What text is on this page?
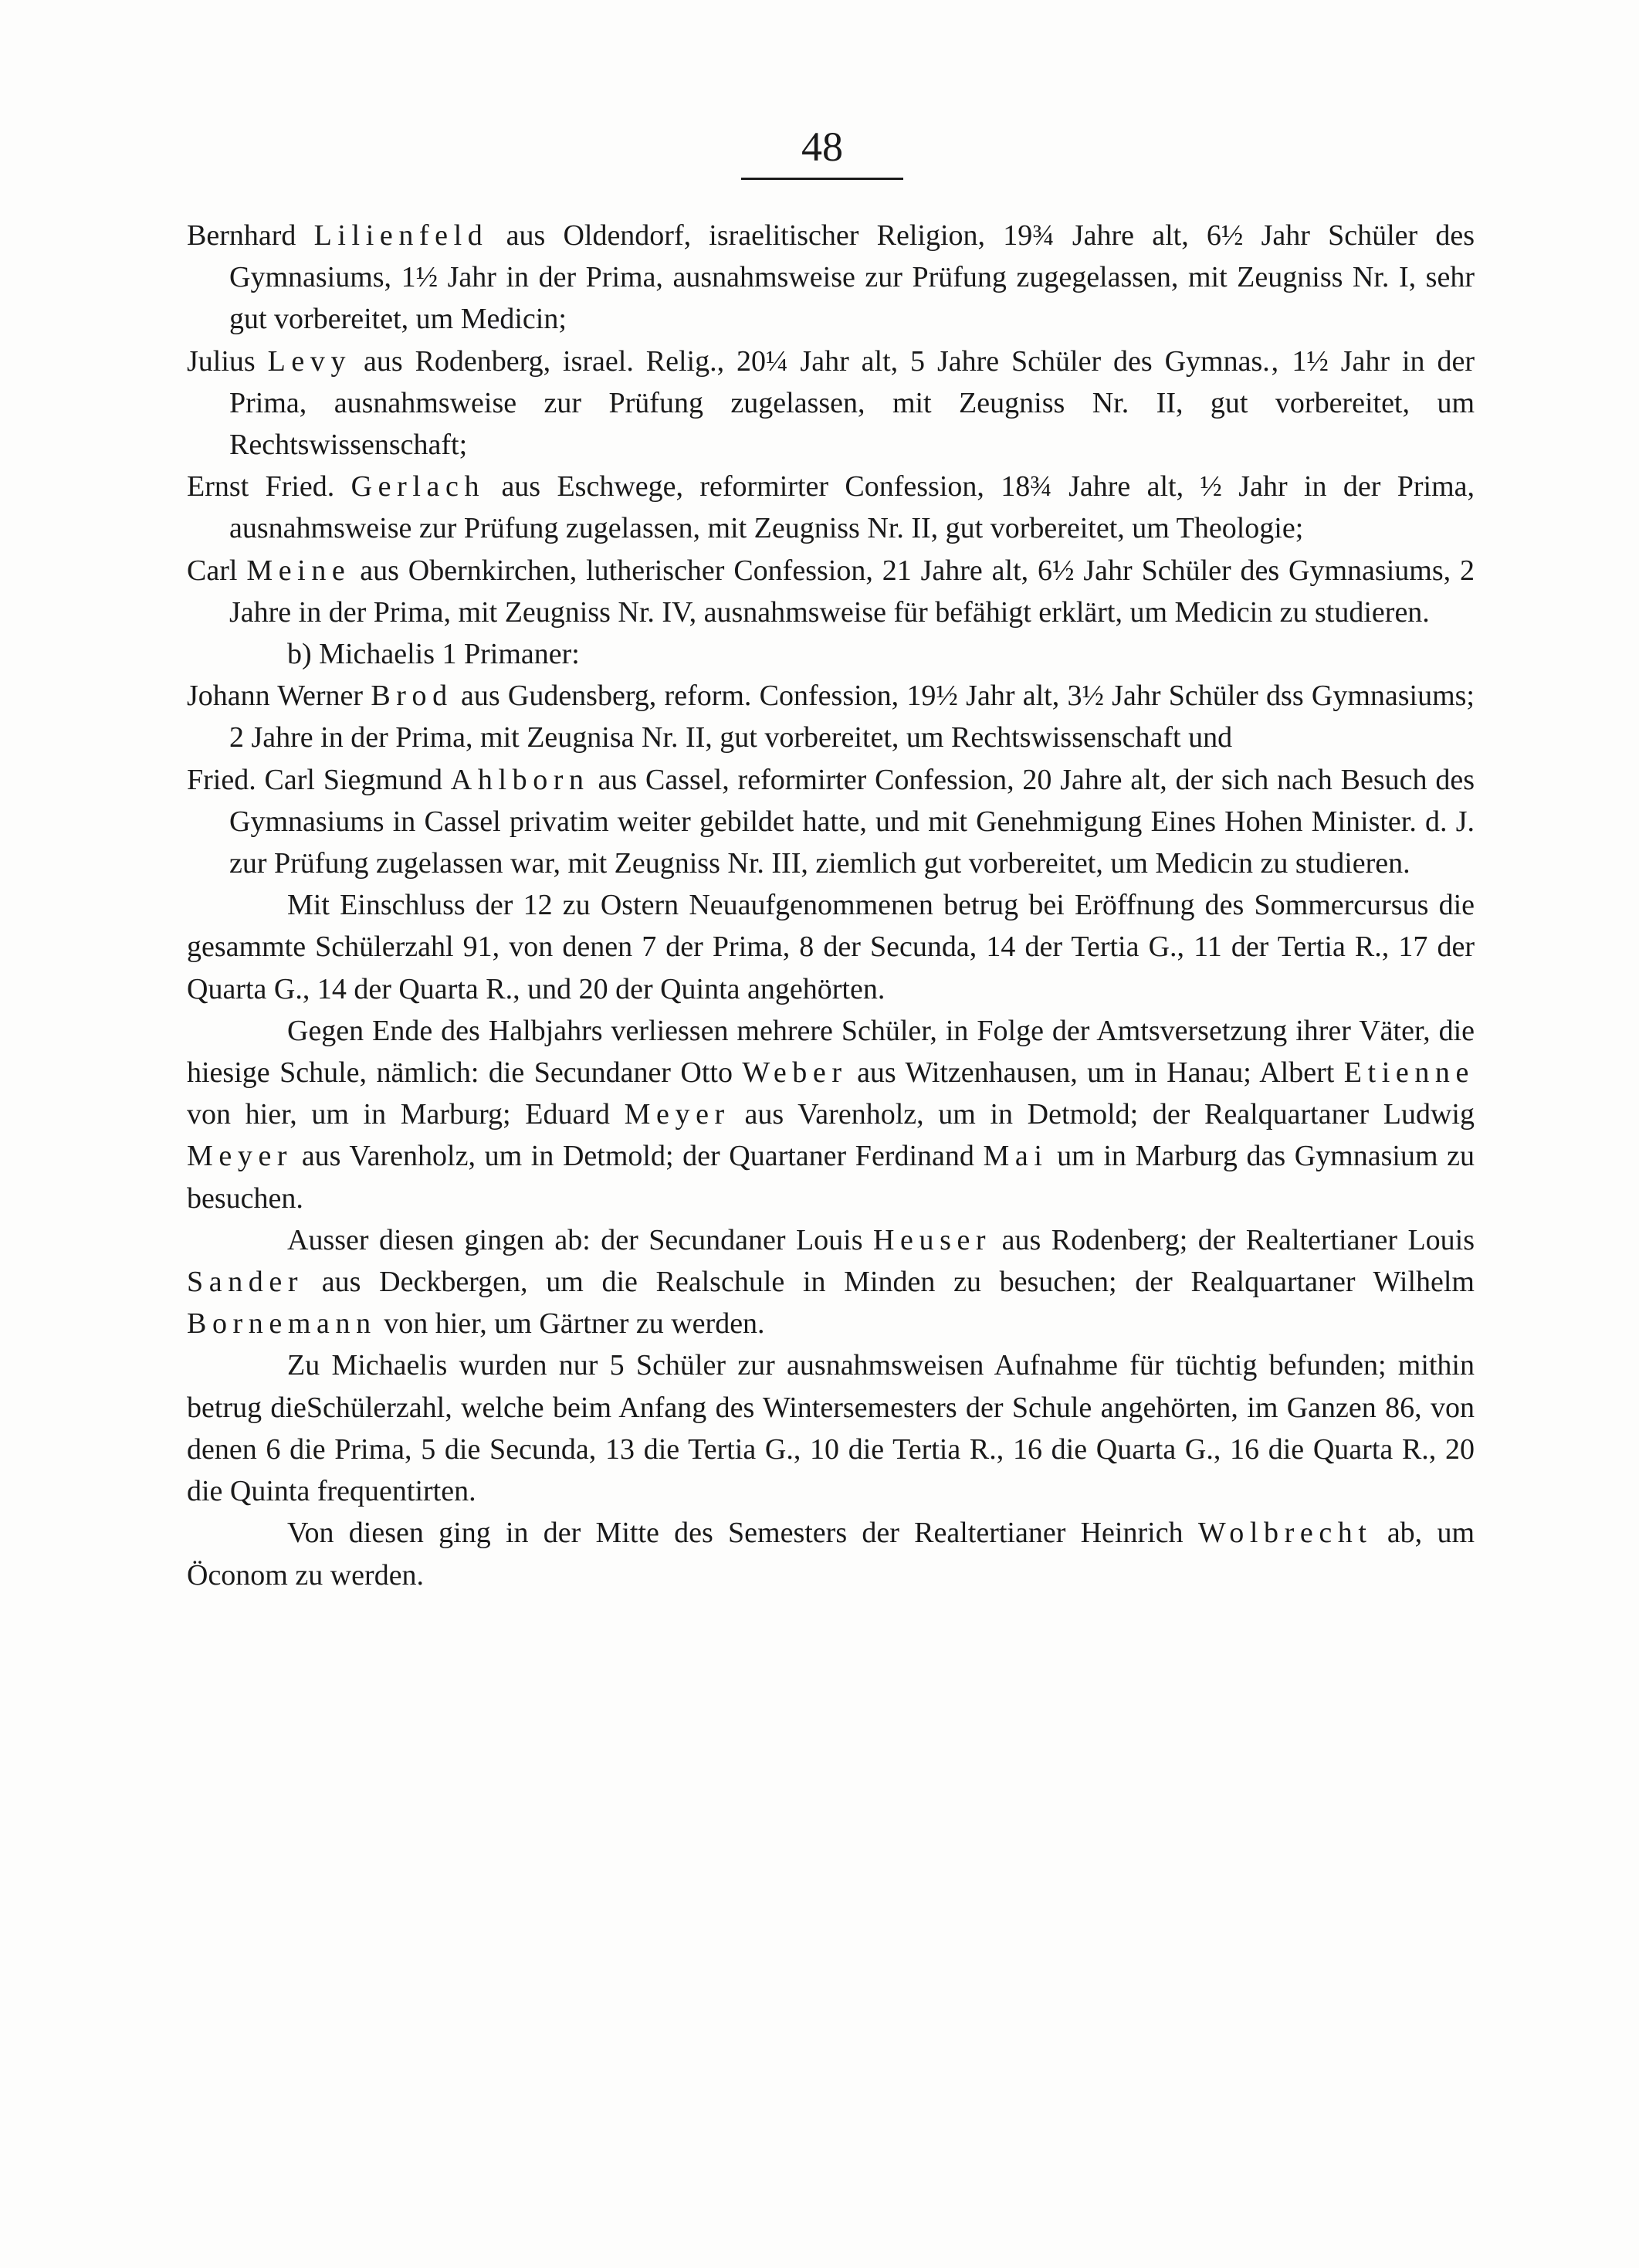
48

Bernhard Lilienfeld aus Oldendorf, israelitischer Religion, 19¾ Jahre alt, 6½ Jahr Schüler des Gymnasiums, 1½ Jahr in der Prima, ausnahmsweise zur Prüfung zugegelassen, mit Zeugniss Nr. I, sehr gut vorbereitet, um Medicin;

Julius Levy aus Rodenberg, israel. Relig., 20¼ Jahr alt, 5 Jahre Schüler des Gymnas.‚ 1½ Jahr in der Prima, ausnahmsweise zur Prüfung zugelassen, mit Zeugniss Nr. II, gut vorbereitet, um Rechtswissenschaft;

Ernst Fried. Gerlach aus Eschwege, reformirter Confession, 18¾ Jahre alt, ½ Jahr in der Prima, ausnahmsweise zur Prüfung zugelassen, mit Zeugniss Nr. II, gut vorbereitet, um Theologie;

Carl Meine aus Obernkirchen, lutherischer Confession, 21 Jahre alt, 6½ Jahr Schüler des Gymnasiums, 2 Jahre in der Prima, mit Zeugniss Nr. IV, ausnahmsweise für befähigt erklärt, um Medicin zu studieren.

b) Michaelis 1 Primaner:

Johann Werner Brod aus Gudensberg, reform. Confession, 19½ Jahr alt, 3½ Jahr Schüler dss Gymnasiums; 2 Jahre in der Prima, mit Zeugnisa Nr. II, gut vorbereitet, um Rechtswissenschaft und

Fried. Carl Siegmund Ahlborn aus Cassel, reformirter Confession, 20 Jahre alt, der sich nach Besuch des Gymnasiums in Cassel privatim weiter gebildet hatte, und mit Genehmigung Eines Hohen Minister. d. J. zur Prüfung zugelassen war, mit Zeugniss Nr. III, ziemlich gut vorbereitet, um Medicin zu studieren.

Mit Einschluss der 12 zu Ostern Neuaufgenommenen betrug bei Eröffnung des Sommercursus die gesammte Schülerzahl 91, von denen 7 der Prima, 8 der Secunda, 14 der Tertia G., 11 der Tertia R., 17 der Quarta G., 14 der Quarta R., und 20 der Quinta angehörten.

Gegen Ende des Halbjahrs verliessen mehrere Schüler, in Folge der Amtsversetzung ihrer Väter, die hiesige Schule, nämlich: die Secundaner Otto Weber aus Witzenhausen, um in Hanau; Albert Etienne von hier, um in Marburg; Eduard Meyer aus Varenholz, um in Detmold; der Realquartaner Ludwig Meyer aus Varenholz, um in Detmold; der Quartaner Ferdinand Mai um in Marburg das Gymnasium zu besuchen.

Ausser diesen gingen ab: der Secundaner Louis Heuser aus Rodenberg; der Realtertianer Louis Sander aus Deckbergen, um die Realschule in Minden zu besuchen; der Realquartaner Wilhelm Bornemann von hier, um Gärtner zu werden.

Zu Michaelis wurden nur 5 Schüler zur ausnahmsweisen Aufnahme für tüchtig befunden; mithin betrug dieSchülerzahl, welche beim Anfang des Wintersemesters der Schule angehörten, im Ganzen 86, von denen 6 die Prima, 5 die Secunda, 13 die Tertia G., 10 die Tertia R., 16 die Quarta G., 16 die Quarta R., 20 die Quinta frequentirten.

Von diesen ging in der Mitte des Semesters der Realtertianer Heinrich Wolbrecht ab, um Öconom zu werden.
